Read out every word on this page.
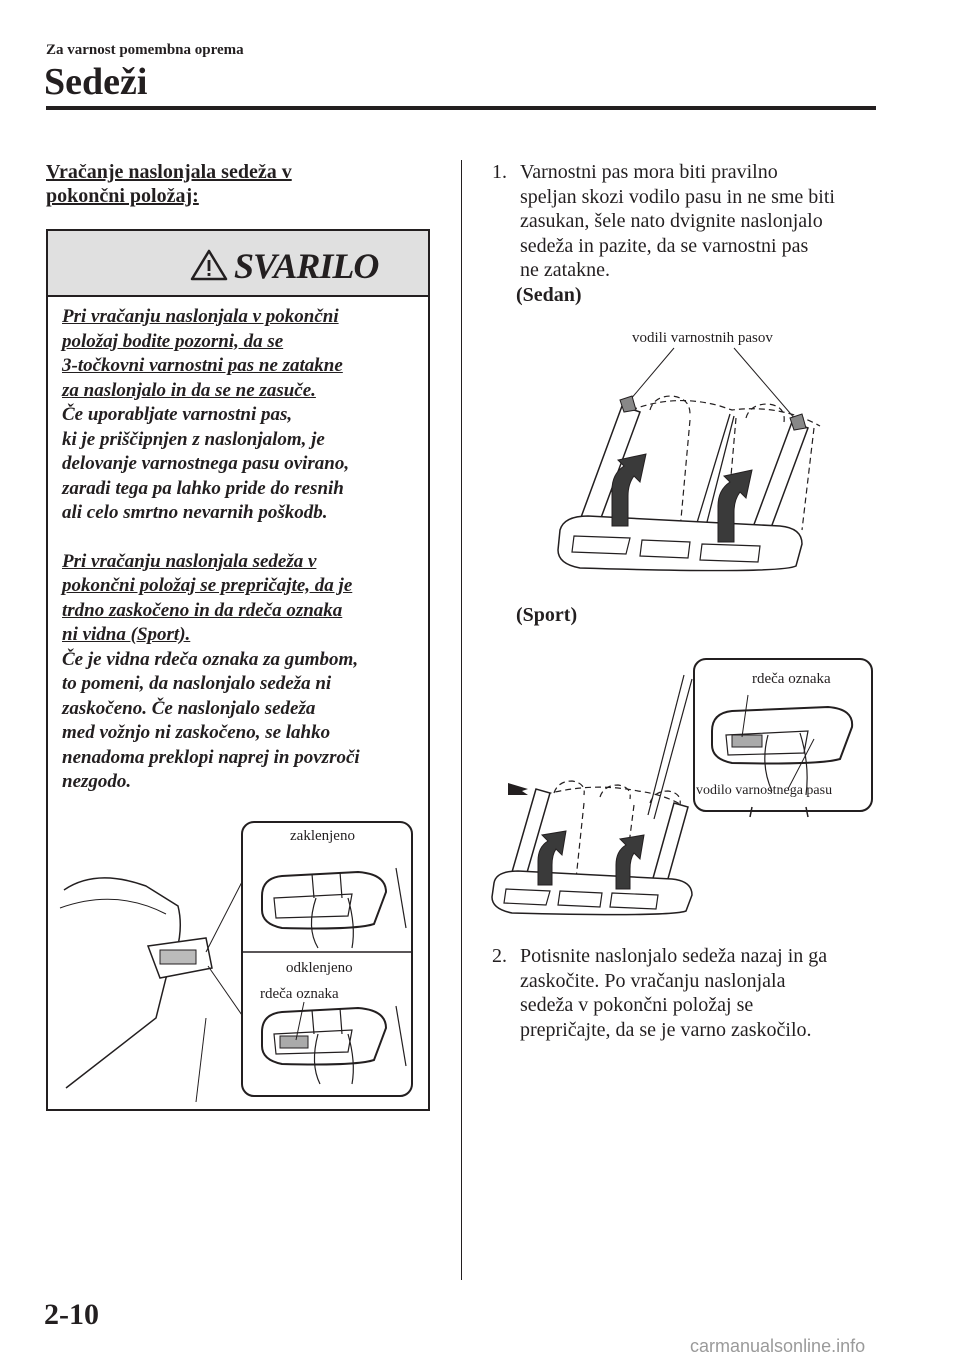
Za varnost pomembna oprema
Sedeži
Vračanje naslonjala sedeža v
pokončni položaj:
SVARILO

Pri vračanju naslonjala v pokončni

položaj bodite pozorni, da se

3-točkovni varnostni pas ne zatakne

za naslonjalo in da se ne zasuče.

Če uporabljate varnostni pas,

ki je priščipnjen z naslonjalom, je

delovanje varnostnega pasu ovirano,

zaradi tega pa lahko pride do resnih

ali celo smrtno nevarnih poškodb.

Pri vračanju naslonjala sedeža v

pokončni položaj se prepričajte, da je

trdno zaskočeno in da rdeča oznaka

ni vidna (Sport).

Če je vidna rdeča oznaka za gumbom,

to pomeni, da naslonjalo sedeža ni

zaskočeno. Če naslonjalo sedeža

med vožnjo ni zaskočeno, se lahko

nenadoma preklopi naprej in povzroči

nezgodo.

zaklenjeno
odklenjeno
rdeča oznaka
1. Varnostni pas mora biti pravilno
speljan skozi vodilo pasu in ne sme biti
zasukan, šele nato dvignite naslonjalo
sedeža in pazite, da se varnostni pas
ne zatakne.
(Sedan)
vodili varnostnih pasov
(Sport)
rdeča oznaka
vodilo varnostnega pasu
2. Potisnite naslonjalo sedeža nazaj in ga
zaskočite. Po vračanju naslonjala
sedeža v pokončni položaj se
prepričajte, da se je varno zaskočilo.
2-10
carmanualsonline.info
